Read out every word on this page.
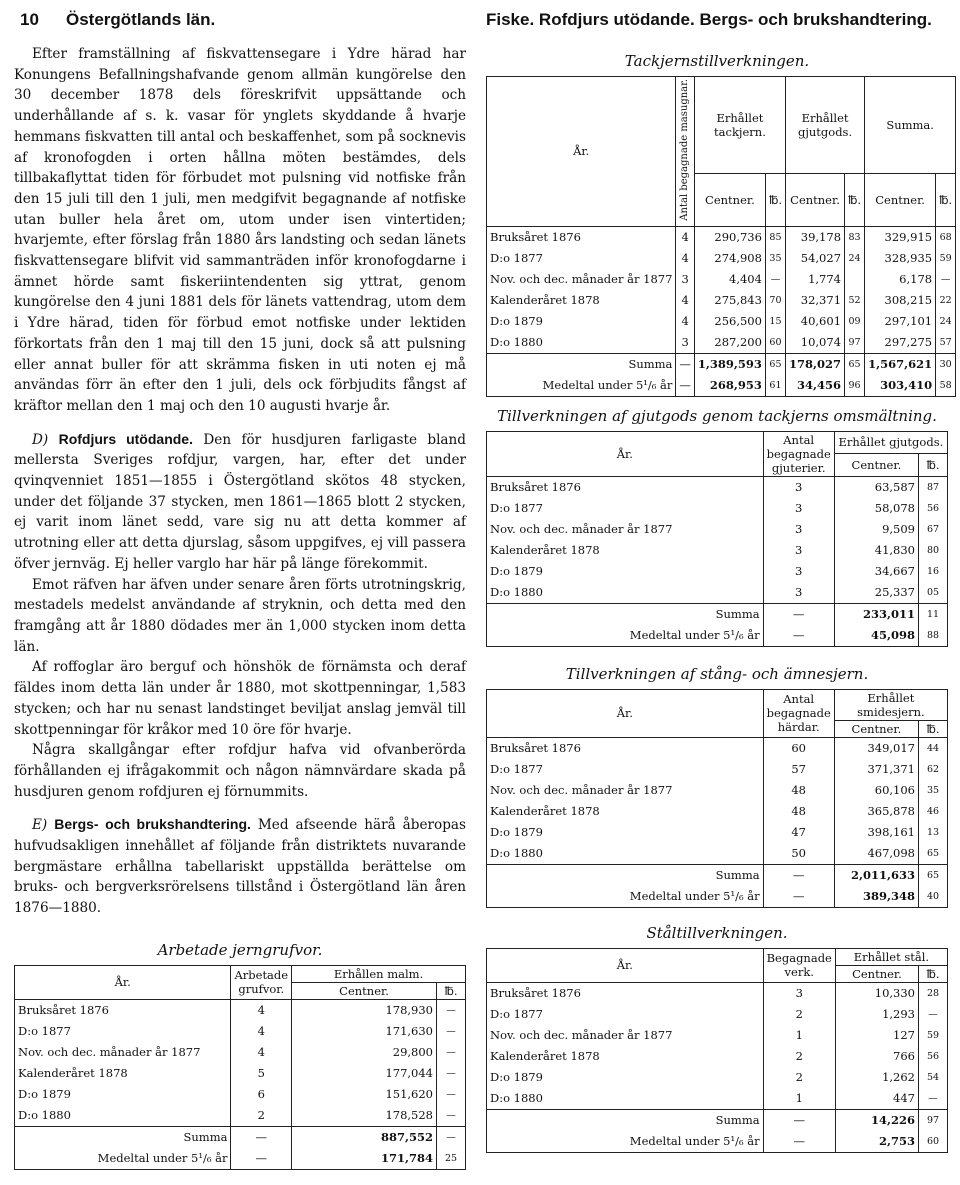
10 Östergötlands län.	Fiske. Rofdjurs utödande. Bergs- och brukshandtering.

Efter framställning af fiskvattensegare i Ydre härad har Konungens Befallningshafvande genom allmän kungörelse den 30 december 1878 dels föreskrifvit uppsättande och underhållande af s. k. vasar för ynglets skyddande å hvarje hemmans fiskvatten till antal och beskaffenhet, som på socknevis af kronofogden i orten hållna möten bestämdes, dels tillbakaflyttat tiden för förbudet mot pulsning vid notfiske från den 15 juli till den 1 juli, men medgifvit begagnande af notfiske utan buller hela året om, utom under isen vintertiden; hvarjemte, efter förslag från 1880 års landsting och sedan länets fiskvattensegare blifvit vid sammanträden inför kronofogdarne i ämnet hörde samt fiskeriintendenten sig yttrat, genom kungörelse den 4 juni 1881 dels för länets vattendrag, utom dem i Ydre härad, tiden för förbud emot notfiske under lektiden förkortats från den 1 maj till den 15 juni, dock så att pulsning eller annat buller för att skrämma fisken in uti noten ej må användas förr än efter den 1 juli, dels ock förbjudits fångst af kräftor mellan den 1 maj och den 10 augusti hvarje år.

D) Rofdjurs utödande. Den för husdjuren farligaste bland mellersta Sveriges rofdjur, vargen, har, efter det under qvinqvenniet 1851—1855 i Östergötland skötos 48 stycken, under det följande 37 stycken, men 1861—1865 blott 2 stycken, ej varit inom länet sedd, vare sig nu att detta kommer af utrotning eller att detta djurslag, såsom uppgifves, ej vill passera öfver jernväg. Ej heller varglo har här på länge förekommit.

Emot räfven har äfven under senare åren förts utrotningskrig, mestadels medelst användande af stryknin, och detta med den framgång att år 1880 dödades mer än 1,000 stycken inom detta län.

Af roffoglar äro berguf och hönshök de förnämsta och deraf fäldes inom detta län under år 1880, mot skottpenningar, 1,583 stycken; och har nu senast landstinget beviljat anslag jemväl till skottpenningar för kråkor med 10 öre för hvarje.

Några skallgångar efter rofdjur hafva vid ofvanberörda förhållanden ej ifrågakommit och någon nämnvärdare skada på husdjuren genom rofdjuren ej förnummits.

E) Bergs- och brukshandtering. Med afseende härå åberopas hufvudsakligen innehållet af följande från distriktets nuvarande bergmästare erhållna tabellariskt uppställda berättelse om bruks- och bergverksrörelsens tillstånd i Östergötland län åren 1876—1880.

Arbetade jerngrufvor.
År.	Arbetade grufvor.	Erhållen malm.	
		Centner.	℔.
Bruksåret 1876	4	178,930	—
D:o 1877	4	171,630	—
Nov. och dec. månader år 1877	4	29,800	—
Kalenderåret 1878	5	177,044	—
D:o 1879	6	151,620	—
D:o 1880	2	178,528	—
Summa	—	887,552	—
Medeltal under 5¹/₆ år	—	171,784	25
Tackjernstillverkningen.
År.	Antal begagnade masugnar.	Erhållet tackjern.		Erhållet gjutgods.		Summa.	
		Centner.	℔.	Centner.	℔.	Centner.	℔.
Bruksåret 1876	4	290,736	85	39,178	83	329,915	68
D:o 1877	4	274,908	35	54,027	24	328,935	59
Nov. och dec. månader år 1877	3	4,404	—	1,774		6,178	—
Kalenderåret 1878	4	275,843	70	32,371	52	308,215	22
D:o 1879	4	256,500	15	40,601	09	297,101	24
D:o 1880	3	287,200	60	10,074	97	297,275	57
Summa	—	1,389,593	65	178,027	65	1,567,621	30
Medeltal under 5¹/₆ år	—	268,953	61	34,456	96	303,410	58
Tillverkningen af gjutgods genom tackjerns omsmältning.
År.	Antal begagnade gjuterier.	Erhållet gjutgods.	
		Centner.	℔.
Bruksåret 1876	3	63,587	87
D:o 1877	3	58,078	56
Nov. och dec. månader år 1877	3	9,509	67
Kalenderåret 1878	3	41,830	80
D:o 1879	3	34,667	16
D:o 1880	3	25,337	05
Summa	—	233,011	11
Medeltal under 5¹/₆ år	—	45,098	88
Tillverkningen af stång- och ämnesjern.
År.	Antal begagnade härdar.	Erhållet smidesjern.	
		Centner.	℔.
Bruksåret 1876	60	349,017	44
D:o 1877	57	371,371	62
Nov. och dec. månader år 1877	48	60,106	35
Kalenderåret 1878	48	365,878	46
D:o 1879	47	398,161	13
D:o 1880	50	467,098	65
Summa	—	2,011,633	65
Medeltal under 5¹/₆ år	—	389,348	40
Ståltillverkningen.
År.	Begagnade verk.	Erhållet stål.	
		Centner.	℔.
Bruksåret 1876	3	10,330	28
D:o 1877	2	1,293	—
Nov. och dec. månader år 1877	1	127	59
Kalenderåret 1878	2	766	56
D:o 1879	2	1,262	54
D:o 1880	1	447	—
Summa	—	14,226	97
Medeltal under 5¹/₆ år	—	2,753	60
